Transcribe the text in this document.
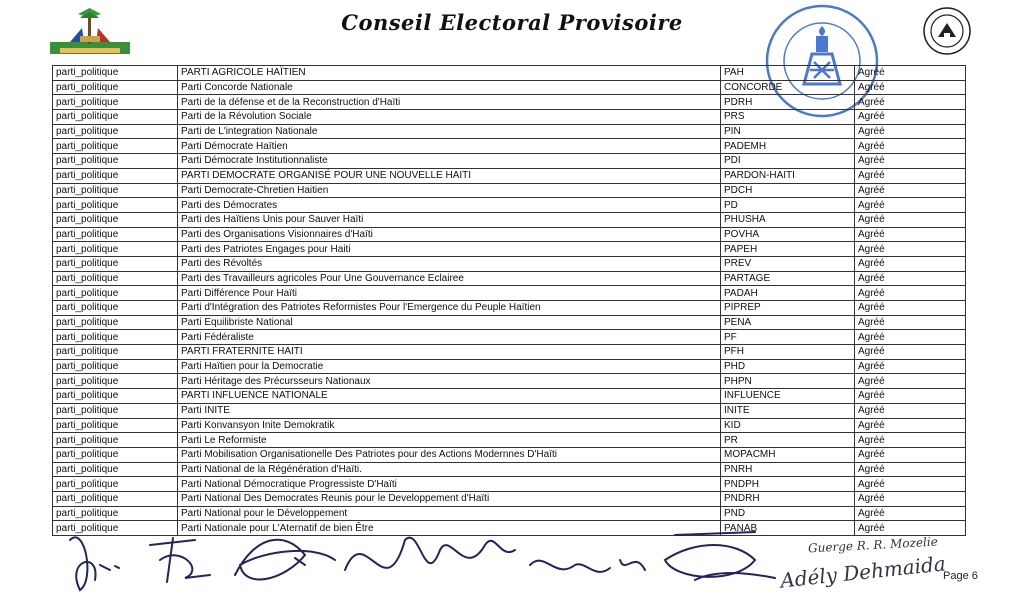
Conseil Electoral Provisoire
parti_politique	PARTI AGRICOLE HAÏTIEN	PAH	Agréé
parti_politique	Parti Concorde Nationale	CONCORDE	Agréé
parti_politique	Parti de la défense et de la Reconstruction d'Haïti	PDRH	Agréé
parti_politique	Parti de la Révolution Sociale	PRS	Agréé
parti_politique	Parti de L'integration Nationale	PIN	Agréé
parti_politique	Parti Démocrate Haïtien	PADEMH	Agréé
parti_politique	Parti Démocrate Institutionnaliste	PDI	Agréé
parti_politique	PARTI DEMOCRATE ORGANISÉ POUR UNE NOUVELLE HAITI	PARDON-HAITI	Agréé
parti_politique	Parti Democrate-Chretien Haitien	PDCH	Agréé
parti_politique	Parti des Démocrates	PD	Agréé
parti_politique	Parti des Haïtiens Unis pour Sauver Haïti	PHUSHA	Agréé
parti_politique	Parti des Organisations Visionnaires d'Haïti	POVHA	Agréé
parti_politique	Parti des Patriotes Engages pour Haiti	PAPEH	Agréé
parti_politique	Parti des Révoltés	PREV	Agréé
parti_politique	Parti des Travailleurs agricoles Pour Une Gouvernance Eclairee	PARTAGE	Agréé
parti_politique	Parti Différence Pour Haïti	PADAH	Agréé
parti_politique	Parti d'Intégration des Patriotes Reformistes Pour l'Emergence du Peuple Haïtien	PIPREP	Agréé
parti_politique	Parti Equilibriste National	PENA	Agréé
parti_politique	Parti Fédéraliste	PF	Agréé
parti_politique	PARTI FRATERNITE HAITI	PFH	Agréé
parti_politique	Parti Haïtien pour la Democratie	PHD	Agréé
parti_politique	Parti Héritage des Précursseurs Nationaux	PHPN	Agréé
parti_politique	PARTI INFLUENCE NATIONALE	INFLUENCE	Agréé
parti_politique	Parti INITE	INITE	Agréé
parti_politique	Parti Konvansyon Inite Demokratik	KID	Agréé
parti_politique	Parti Le Reformiste	PR	Agréé
parti_politique	Parti Mobilisation Organisationelle Des Patriotes pour des Actions Modernnes D'Haïti	MOPACMH	Agréé
parti_politique	Parti National de la Régénération d'Haïti.	PNRH	Agréé
parti_politique	Parti National Démocratique Progressiste D'Haïti	PNDPH	Agréé
parti_politique	Parti National Des Democrates Reunis pour le Developpement d'Haïti	PNDRH	Agréé
parti_politique	Parti National pour le Développement	PND	Agréé
parti_politique	Parti Nationale pour L'Aternatif de bien Être	PANAB	Agréé
Guerge R. R. Mozelie
Adély Dehmaida
Page 6
